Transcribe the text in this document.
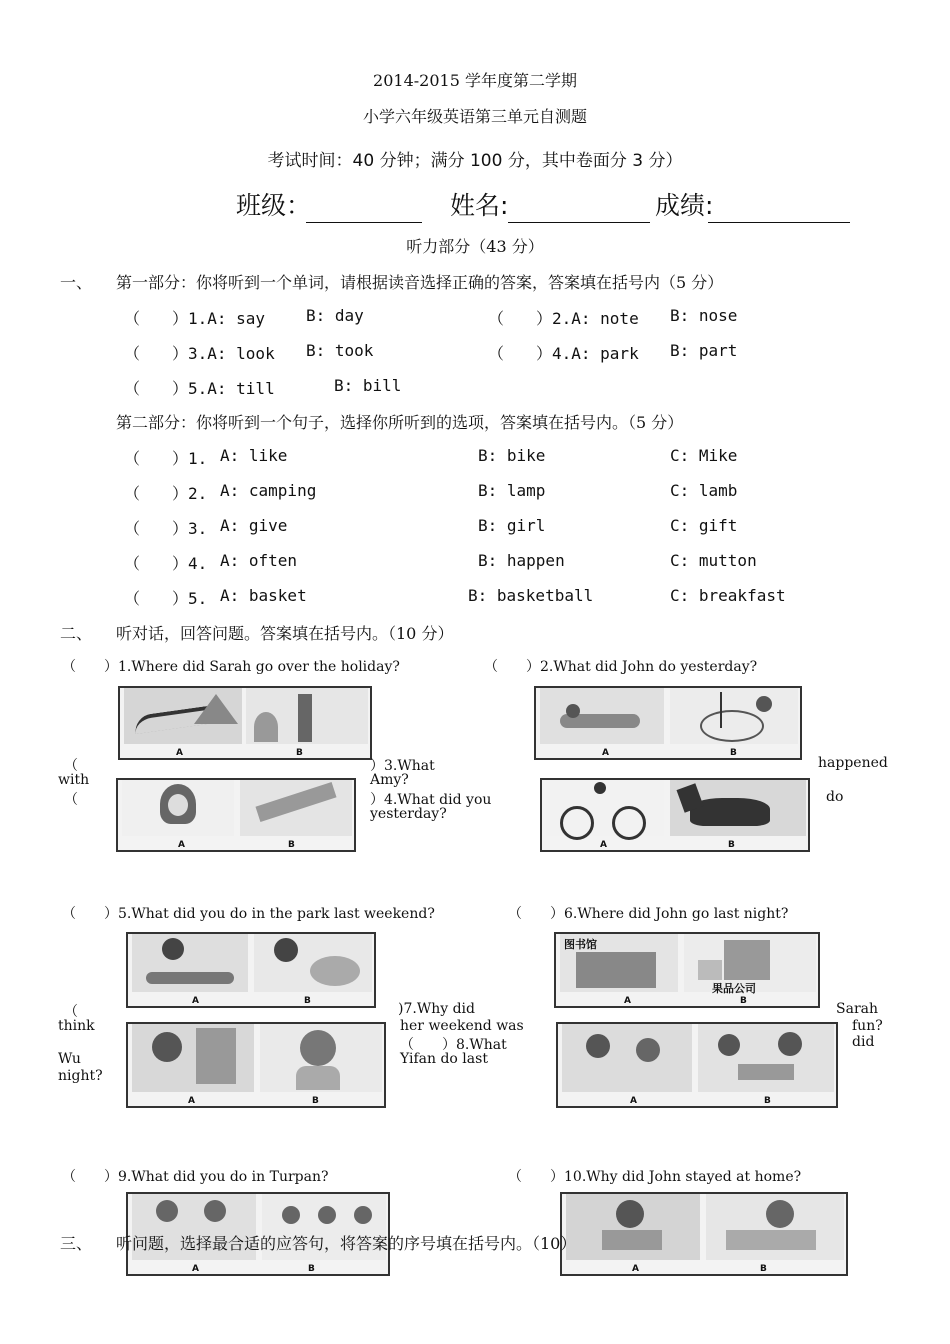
2014-2015 学年度第二学期
小学六年级英语第三单元自测题
考试时间：40 分钟；满分 100 分，其中卷面分 3 分）
班级：	姓名:	成绩:
听力部分（43 分）
一、 第一部分：你将听到一个单词，请根据读音选择正确的答案，答案填在括号内（5 分）
（　　）1.A: say	B: day	（　　）2.A: note B: nose
（　　）3.A: look B: took	（　　）4.A: park B: part
（　　）5.A: till	B: bill
第二部分：你将听到一个句子，选择你所听到的选项，答案填在括号内。（5 分）
（　　）1. A: like	B: bike	C: Mike
（　　）2. A: camping	B: lamp	C: lamb
（　　）3. A: give	B: girl	C: gift
（　　）4. A: often	B: happen	C: mutton
（　　）5. A: basket	B: basketball	C: breakfast
二、 听对话，回答问题。答案填在括号内。（10 分）
（　　）1.Where did Sarah go over the holiday?	（　　）2.What did John do yesterday?
A	B	A	B
（	）3.What	happened
with	Amy?
（	）4.What did you	do
yesterday?
A	B	A	B
（　　）5.What did you do in the park last weekend?	（　　）6.Where did John go last night?
A	B
图书馆
果品公司
A	B
（	)7.Why did	Sarah
think	her weekend was	fun?
（　　）8.What	did
Wu	Yifan do last
night?
A	B	A	B
（　　）9.What did you do in Turpan?	（　　）10.Why did John stayed at home?
A	B	A	B
三、 听问题，选择最合适的应答句，将答案的序号填在括号内。（10）
